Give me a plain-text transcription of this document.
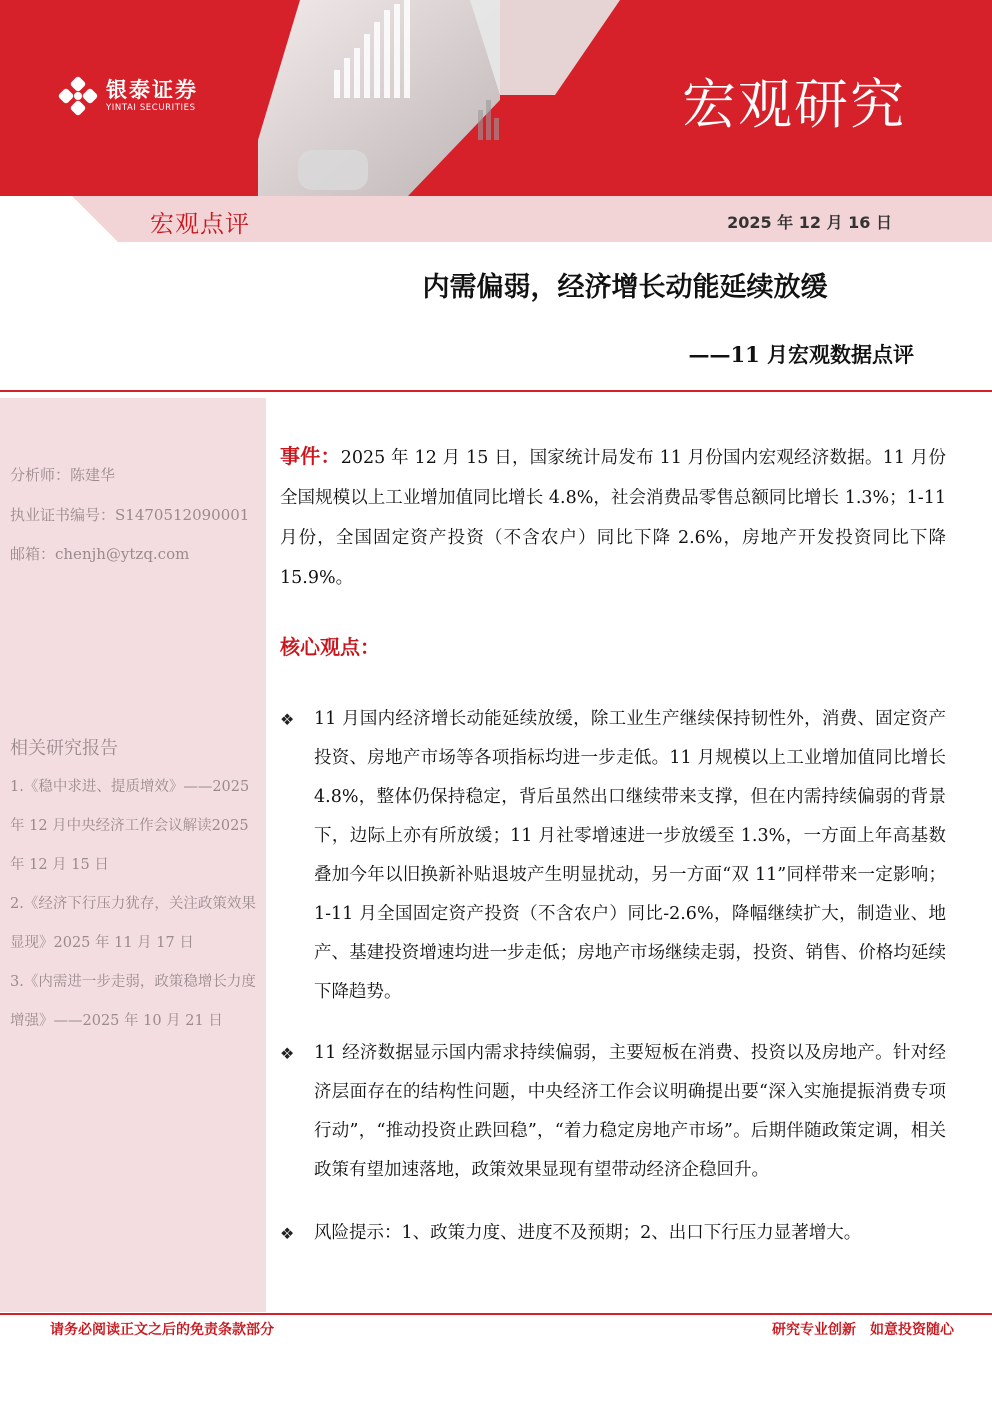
银泰证券
YINTAI SECURITIES	宏观研究
宏观点评	2025 年 12 月 16 日
内需偏弱，经济增长动能延续放缓
——11 月宏观数据点评
分析师：陈建华
执业证书编号：S1470512090001
邮箱：chenjh@ytzq.com
相关研究报告
1.《稳中求进、提质增效》——2025年 12 月中央经济工作会议解读2025 年 12 月 15 日
2.《经济下行压力犹存，关注政策效果显现》2025 年 11 月 17 日
3.《内需进一步走弱，政策稳增长力度增强》——2025 年 10 月 21 日
事件：2025 年 12 月 15 日，国家统计局发布 11 月份国内宏观经济数据。11 月份全国规模以上工业增加值同比增长 4.8%，社会消费品零售总额同比增长 1.3%；1-11 月份，全国固定资产投资（不含农户）同比下降 2.6%，房地产开发投资同比下降 15.9%。
核心观点：
❖ 11 月国内经济增长动能延续放缓，除工业生产继续保持韧性外，消费、固定资产投资、房地产市场等各项指标均进一步走低。11 月规模以上工业增加值同比增长 4.8%，整体仍保持稳定，背后虽然出口继续带来支撑，但在内需持续偏弱的背景下，边际上亦有所放缓；11 月社零增速进一步放缓至 1.3%，一方面上年高基数叠加今年以旧换新补贴退坡产生明显扰动，另一方面“双 11”同样带来一定影响；1-11 月全国固定资产投资（不含农户）同比-2.6%，降幅继续扩大，制造业、地产、基建投资增速均进一步走低；房地产市场继续走弱，投资、销售、价格均延续下降趋势。
❖ 11 经济数据显示国内需求持续偏弱，主要短板在消费、投资以及房地产。针对经济层面存在的结构性问题，中央经济工作会议明确提出要“深入实施提振消费专项行动”，“推动投资止跌回稳”，“着力稳定房地产市场”。后期伴随政策定调，相关政策有望加速落地，政策效果显现有望带动经济企稳回升。
❖ 风险提示：1、政策力度、进度不及预期；2、出口下行压力显著增大。
请务必阅读正文之后的免责条款部分	研究专业创新　如意投资随心
